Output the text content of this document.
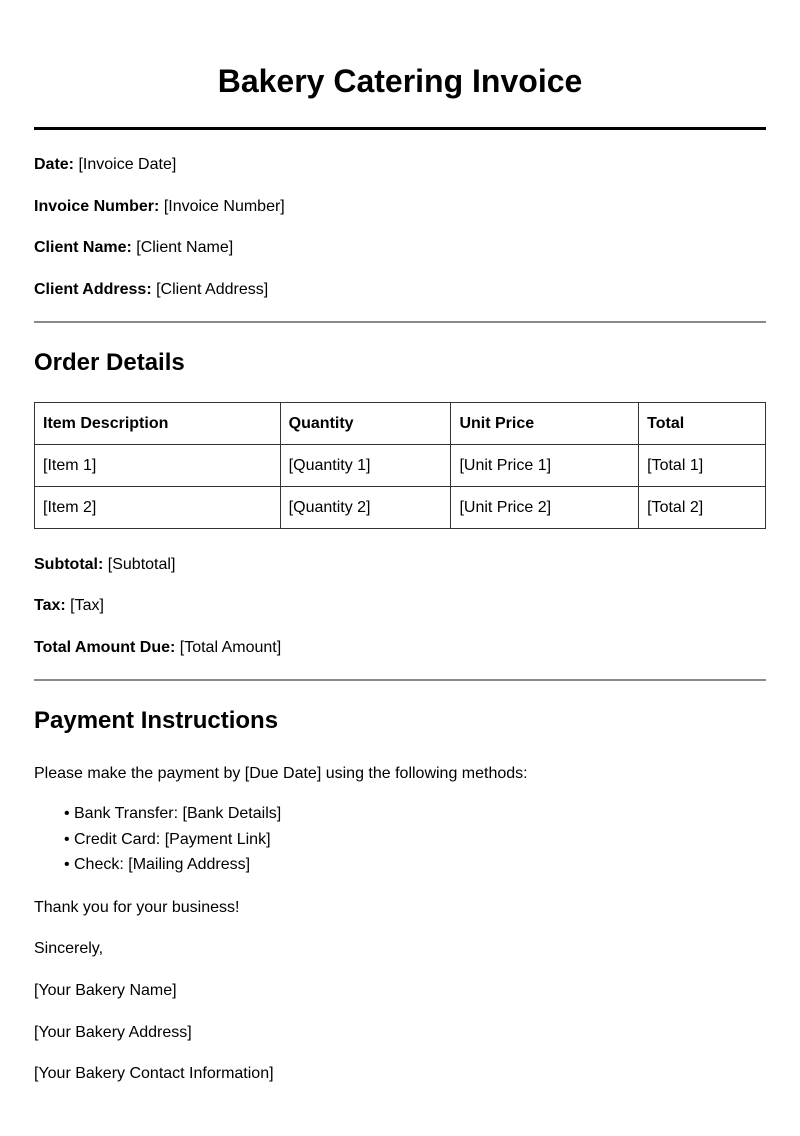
Bakery Catering Invoice

Date: [Invoice Date]

Invoice Number: [Invoice Number]

Client Name: [Client Name]

Client Address: [Client Address]

Order Details
Item Description	Quantity	Unit Price	Total
[Item 1]	[Quantity 1]	[Unit Price 1]	[Total 1]
[Item 2]	[Quantity 2]	[Unit Price 2]	[Total 2]

Subtotal: [Subtotal]

Tax: [Tax]

Total Amount Due: [Total Amount]

Payment Instructions

Please make the payment by [Due Date] using the following methods:

• Bank Transfer: [Bank Details]
• Credit Card: [Payment Link]
• Check: [Mailing Address]

Thank you for your business!

Sincerely,

[Your Bakery Name]

[Your Bakery Address]

[Your Bakery Contact Information]
